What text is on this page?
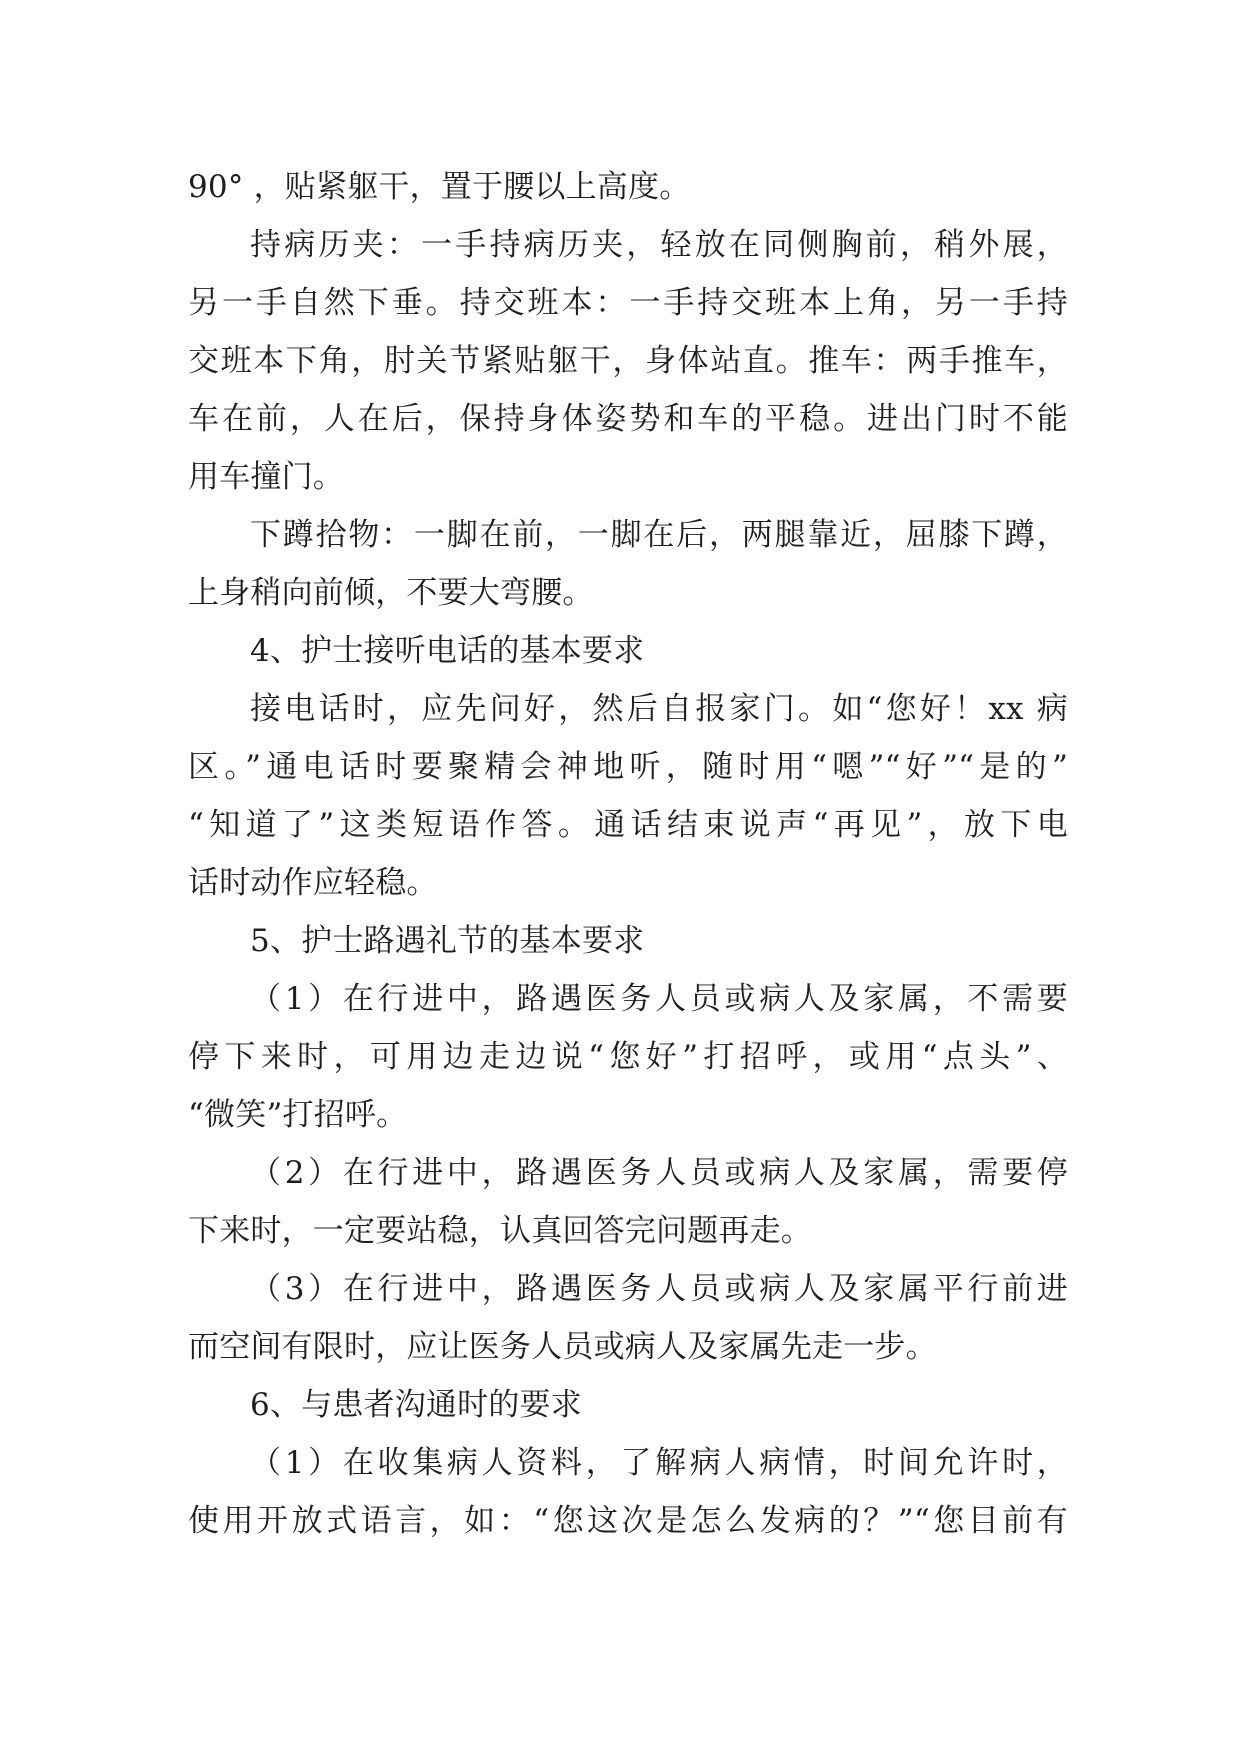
90° ，贴紧躯干，置于腰以上高度。
持病历夹：一手持病历夹，轻放在同侧胸前，稍外展，
另一手自然下垂。持交班本：一手持交班本上角，另一手持
交班本下角，肘关节紧贴躯干，身体站直。推车：两手推车，
车在前，人在后，保持身体姿势和车的平稳。进出门时不能
用车撞门。
下蹲拾物：一脚在前，一脚在后，两腿靠近，屈膝下蹲，
上身稍向前倾，不要大弯腰。
4、护士接听电话的基本要求
接电话时，应先问好，然后自报家门。如“您好！xx 病
区。”通电话时要聚精会神地听，随时用“嗯”“好”“是的”
“知道了”这类短语作答。通话结束说声“再见”，放下电
话时动作应轻稳。
5、护士路遇礼节的基本要求
（1）在行进中，路遇医务人员或病人及家属，不需要
停下来时，可用边走边说“您好”打招呼，或用“点头”、
“微笑”打招呼。
（2）在行进中，路遇医务人员或病人及家属，需要停
下来时，一定要站稳，认真回答完问题再走。
（3）在行进中，路遇医务人员或病人及家属平行前进
而空间有限时，应让医务人员或病人及家属先走一步。
6、与患者沟通时的要求
（1）在收集病人资料，了解病人病情，时间允许时，
使用开放式语言，如：“您这次是怎么发病的？”“您目前有
